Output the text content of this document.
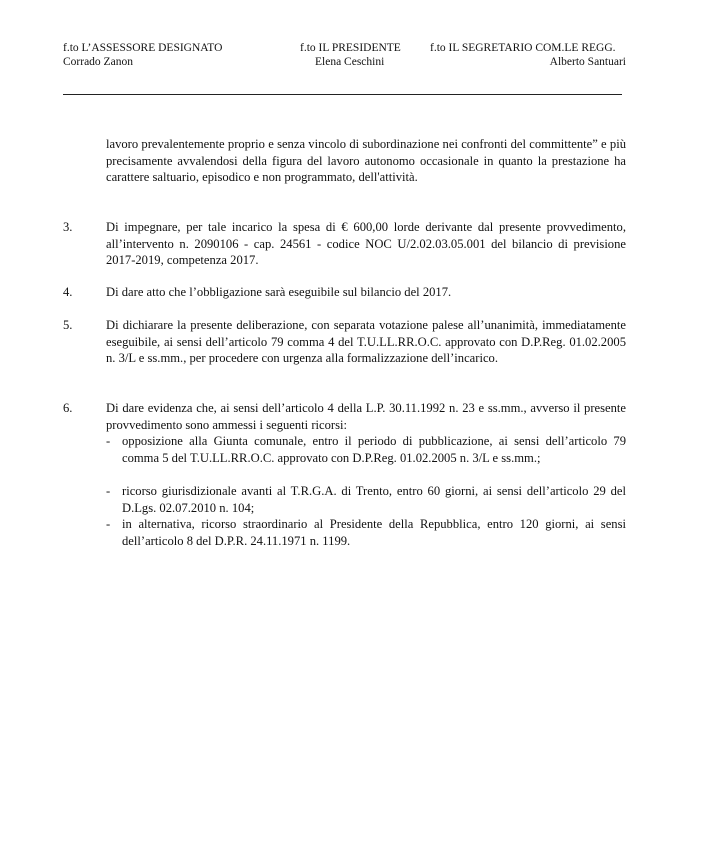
f.to L’ASSESSORE DESIGNATO	f.to IL PRESIDENTE	f.to IL SEGRETARIO COM.LE REGG.
Corrado Zanon	Elena Ceschini	Alberto Santuari
lavoro prevalentemente proprio e senza vincolo di subordinazione nei confronti del committente” e più precisamente avvalendosi della figura del lavoro autonomo occasionale in quanto la prestazione ha carattere saltuario, episodico e non programmato, dell'attività.
3.	Di impegnare, per tale incarico la spesa di € 600,00 lorde derivante dal presente provvedimento, all’intervento n. 2090106 - cap. 24561 - codice NOC U/2.02.03.05.001 del bilancio di previsione 2017-2019, competenza 2017.
4.	Di dare atto che l’obbligazione sarà eseguibile sul bilancio del 2017.
5.	Di dichiarare la presente deliberazione, con separata votazione palese all’unanimità, immediatamente eseguibile, ai sensi dell’articolo 79 comma 4 del T.U.LL.RR.O.C. approvato con D.P.Reg. 01.02.2005 n. 3/L e ss.mm., per procedere con urgenza alla formalizzazione dell’incarico.
6.	Di dare evidenza che, ai sensi dell’articolo 4 della L.P. 30.11.1992 n. 23 e ss.mm., avverso il presente provvedimento sono ammessi i seguenti ricorsi:
- opposizione alla Giunta comunale, entro il periodo di pubblicazione, ai sensi dell’articolo 79 comma 5 del T.U.LL.RR.O.C. approvato con D.P.Reg. 01.02.2005 n. 3/L e ss.mm.;
- ricorso giurisdizionale avanti al T.R.G.A. di Trento, entro 60 giorni, ai sensi dell’articolo 29 del D.Lgs. 02.07.2010 n. 104;
- in alternativa, ricorso straordinario al Presidente della Repubblica, entro 120 giorni, ai sensi dell’articolo 8 del D.P.R. 24.11.1971 n. 1199.
